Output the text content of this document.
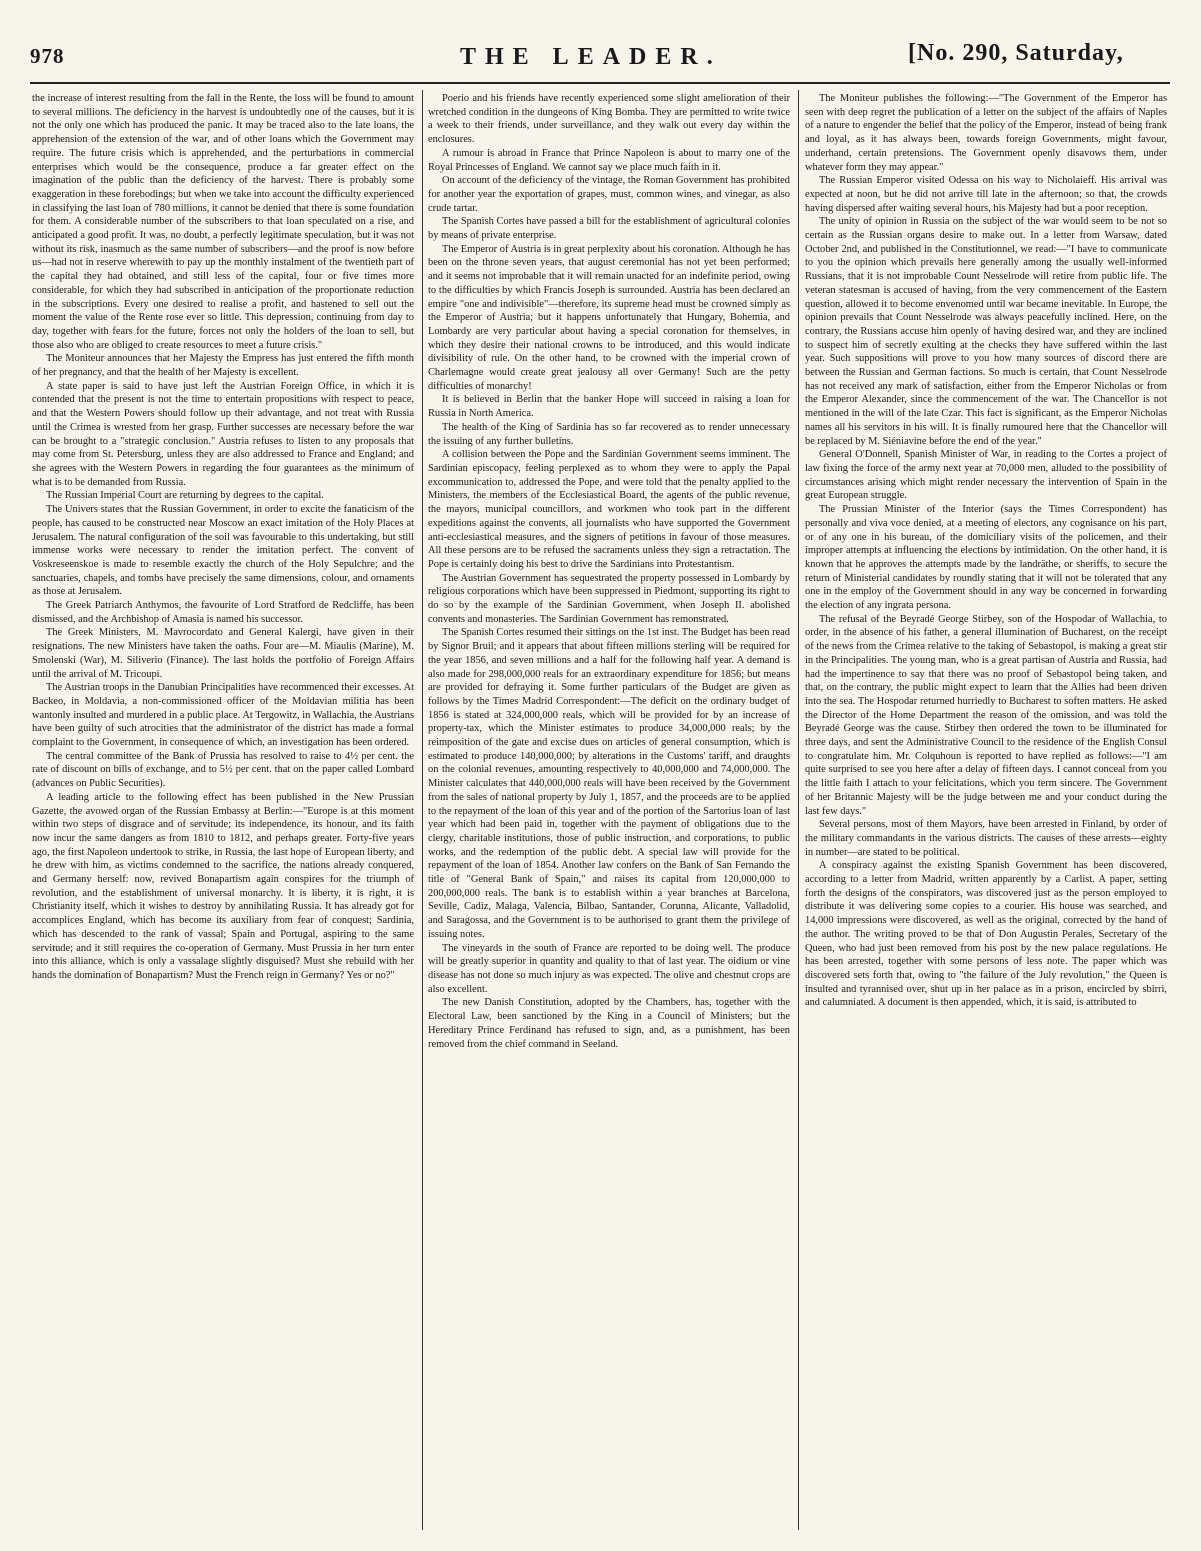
978	THE LEADER.	[No. 290, Saturday,

the increase of interest resulting from the fall in the Rente, the loss will be found to amount to several millions. The deficiency in the harvest is undoubtedly one of the causes, but it is not the only one which has produced the panic. It may be traced also to the late loans, the apprehension of the extension of the war, and of other loans which the Government may require. The future crisis which is apprehended, and the perturbations in commercial enterprises which would be the consequence, produce a far greater effect on the imagination of the public than the deficiency of the harvest. There is probably some exaggeration in these forebodings; but when we take into account the difficulty experienced in classifying the last loan of 780 millions, it cannot be denied that there is some foundation for them. A considerable number of the subscribers to that loan speculated on a rise, and anticipated a good profit. It was, no doubt, a perfectly legitimate speculation, but it was not without its risk, inasmuch as the same number of subscribers—and the proof is now before us—had not in reserve wherewith to pay up the monthly instalment of the twentieth part of the capital they had obtained, and still less of the capital, four or five times more considerable, for which they had subscribed in anticipation of the proportionate reduction in the subscriptions. Every one desired to realise a profit, and hastened to sell out the moment the value of the Rente rose ever so little. This depression, continuing from day to day, together with fears for the future, forces not only the holders of the loan to sell, but those also who are obliged to create resources to meet a future crisis."

The Moniteur announces that her Majesty the Empress has just entered the fifth month of her pregnancy, and that the health of her Majesty is excellent.

A state paper is said to have just left the Austrian Foreign Office, in which it is contended that the present is not the time to entertain propositions with respect to peace, and that the Western Powers should follow up their advantage, and not treat with Russia until the Crimea is wrested from her grasp. Further successes are necessary before the war can be brought to a "strategic conclusion." Austria refuses to listen to any proposals that may come from St. Petersburg, unless they are also addressed to France and England; and she agrees with the Western Powers in regarding the four guarantees as the minimum of what is to be demanded from Russia.

The Russian Imperial Court are returning by degrees to the capital.

The Univers states that the Russian Government, in order to excite the fanaticism of the people, has caused to be constructed near Moscow an exact imitation of the Holy Places at Jerusalem. The natural configuration of the soil was favourable to this undertaking, but still immense works were necessary to render the imitation perfect. The convent of Voskreseenskoe is made to resemble exactly the church of the Holy Sepulchre; and the sanctuaries, chapels, and tombs have precisely the same dimensions, colour, and ornaments as those at Jerusalem.

The Greek Patriarch Anthymos, the favourite of Lord Stratford de Redcliffe, has been dismissed, and the Archbishop of Amasia is named his successor.

The Greek Ministers, M. Mavrocordato and General Kalergi, have given in their resignations. The new Ministers have taken the oaths. Four are—M. Miaulis (Marine), M. Smolenski (War), M. Siliverio (Finance). The last holds the portfolio of Foreign Affairs until the arrival of M. Tricoupi.

The Austrian troops in the Danubian Principalities have recommenced their excesses. At Backeo, in Moldavia, a non-commissioned officer of the Moldavian militia has been wantonly insulted and murdered in a public place. At Tergowitz, in Wallachia, the Austrians have been guilty of such atrocities that the administrator of the district has made a formal complaint to the Government, in consequence of which, an investigation has been ordered.

The central committee of the Bank of Prussia has resolved to raise to 4½ per cent. the rate of discount on bills of exchange, and to 5½ per cent. that on the paper called Lombard (advances on Public Securities).

A leading article to the following effect has been published in the New Prussian Gazette, the avowed organ of the Russian Embassy at Berlin:—"Europe is at this moment within two steps of disgrace and of servitude; its independence, its honour, and its faith now incur the same dangers as from 1810 to 1812, and perhaps greater. Forty-five years ago, the first Napoleon undertook to strike, in Russia, the last hope of European liberty, and he drew with him, as victims condemned to the sacrifice, the nations already conquered, and Germany herself: now, revived Bonapartism again conspires for the triumph of revolution, and the establishment of universal monarchy. It is liberty, it is right, it is Christianity itself, which it wishes to destroy by annihilating Russia. It has already got for accomplices England, which has become its auxiliary from fear of conquest; Sardinia, which has descended to the rank of vassal; Spain and Portugal, aspiring to the same servitude; and it still requires the co-operation of Germany. Must Prussia in her turn enter into this alliance, which is only a vassalage slightly disguised? Must she rebuild with her hands the domination of Bonapartism? Must the French reign in Germany? Yes or no?"

Poerio and his friends have recently experienced some slight amelioration of their wretched condition in the dungeons of King Bomba. They are permitted to write twice a week to their friends, under surveillance, and they walk out every day within the enclosures.

A rumour is abroad in France that Prince Napoleon is about to marry one of the Royal Princesses of England. We cannot say we place much faith in it.

On account of the deficiency of the vintage, the Roman Government has prohibited for another year the exportation of grapes, must, common wines, and vinegar, as also crude tartar.

The Spanish Cortes have passed a bill for the establishment of agricultural colonies by means of private enterprise.

The Emperor of Austria is in great perplexity about his coronation. Although he has been on the throne seven years, that august ceremonial has not yet been performed; and it seems not improbable that it will remain unacted for an indefinite period, owing to the difficulties by which Francis Joseph is surrounded. Austria has been declared an empire "one and indivisible"—therefore, its supreme head must be crowned simply as the Emperor of Austria; but it happens unfortunately that Hungary, Bohemia, and Lombardy are very particular about having a special coronation for themselves, in which they desire their national crowns to be introduced, and this would indicate divisibility of rule. On the other hand, to be crowned with the imperial crown of Charlemagne would create great jealousy all over Germany! Such are the petty difficulties of monarchy!

It is believed in Berlin that the banker Hope will succeed in raising a loan for Russia in North America.

The health of the King of Sardinia has so far recovered as to render unnecessary the issuing of any further bulletins.

A collision between the Pope and the Sardinian Government seems imminent. The Sardinian episcopacy, feeling perplexed as to whom they were to apply the Papal excommunication to, addressed the Pope, and were told that the penalty applied to the Ministers, the members of the Ecclesiastical Board, the agents of the public revenue, the mayors, municipal councillors, and workmen who took part in the different expeditions against the convents, all journalists who have supported the Government anti-ecclesiastical measures, and the signers of petitions in favour of those measures. All these persons are to be refused the sacraments unless they sign a retractation. The Pope is certainly doing his best to drive the Sardinians into Protestantism.

The Austrian Government has sequestrated the property possessed in Lombardy by religious corporations which have been suppressed in Piedmont, supporting its right to do so by the example of the Sardinian Government, when Joseph II. abolished convents and monasteries. The Sardinian Government has remonstrated.

The Spanish Cortes resumed their sittings on the 1st inst. The Budget has been read by Signor Bruil; and it appears that about fifteen millions sterling will be required for the year 1856, and seven millions and a half for the following half year. A demand is also made for 298,000,000 reals for an extraordinary expenditure for 1856; but means are provided for defraying it. Some further particulars of the Budget are given as follows by the Times Madrid Correspondent:—The deficit on the ordinary budget of 1856 is stated at 324,000,000 reals, which will be provided for by an increase of property-tax, which the Minister estimates to produce 34,000,000 reals; by the reimposition of the gate and excise dues on articles of general consumption, which is estimated to produce 140,000,000; by alterations in the Customs' tariff, and draughts on the colonial revenues, amounting respectively to 40,000,000 and 74,000,000. The Minister calculates that 440,000,000 reals will have been received by the Government from the sales of national property by July 1, 1857, and the proceeds are to be applied to the repayment of the loan of this year and of the portion of the Sartorius loan of last year which had been paid in, together with the payment of obligations due to the clergy, charitable institutions, those of public instruction, and corporations, to public works, and the redemption of the public debt. A special law will provide for the repayment of the loan of 1854. Another law confers on the Bank of San Fernando the title of "General Bank of Spain," and raises its capital from 120,000,000 to 200,000,000 reals. The bank is to establish within a year branches at Barcelona, Seville, Cadiz, Malaga, Valencia, Bilbao, Santander, Corunna, Alicante, Valladolid, and Saragossa, and the Government is to be authorised to grant them the privilege of issuing notes.

The vineyards in the south of France are reported to be doing well. The produce will be greatly superior in quantity and quality to that of last year. The oidium or vine disease has not done so much injury as was expected. The olive and chestnut crops are also excellent.

The new Danish Constitution, adopted by the Chambers, has, together with the Electoral Law, been sanctioned by the King in a Council of Ministers; but the Hereditary Prince Ferdinand has refused to sign, and, as a punishment, has been removed from the chief command in Seeland.

The Moniteur publishes the following:—"The Government of the Emperor has seen with deep regret the publication of a letter on the subject of the affairs of Naples of a nature to engender the belief that the policy of the Emperor, instead of being frank and loyal, as it has always been, towards foreign Governments, might favour, underhand, certain pretensions. The Government openly disavows them, under whatever form they may appear."

The Russian Emperor visited Odessa on his way to Nicholaieff. His arrival was expected at noon, but he did not arrive till late in the afternoon; so that, the crowds having dispersed after waiting several hours, his Majesty had but a poor reception.

The unity of opinion in Russia on the subject of the war would seem to be not so certain as the Russian organs desire to make out. In a letter from Warsaw, dated October 2nd, and published in the Constitutionnel, we read:—"I have to communicate to you the opinion which prevails here generally among the usually well-informed Russians, that it is not improbable Count Nesselrode will retire from public life. The veteran statesman is accused of having, from the very commencement of the Eastern question, allowed it to become envenomed until war became inevitable. In Europe, the opinion prevails that Count Nesselrode was always peacefully inclined. Here, on the contrary, the Russians accuse him openly of having desired war, and they are inclined to suspect him of secretly exulting at the checks they have suffered within the last year. Such suppositions will prove to you how many sources of discord there are between the Russian and German factions. So much is certain, that Count Nesselrode has not received any mark of satisfaction, either from the Emperor Nicholas or from the Emperor Alexander, since the commencement of the war. The Chancellor is not mentioned in the will of the late Czar. This fact is significant, as the Emperor Nicholas names all his servitors in his will. It is finally rumoured here that the Chancellor will be replaced by M. Siéniavine before the end of the year."

General O'Donnell, Spanish Minister of War, in reading to the Cortes a project of law fixing the force of the army next year at 70,000 men, alluded to the possibility of circumstances arising which might render necessary the intervention of Spain in the great European struggle.

The Prussian Minister of the Interior (says the Times Correspondent) has personally and viva voce denied, at a meeting of electors, any cognisance on his part, or of any one in his bureau, of the domiciliary visits of the policemen, and their improper attempts at influencing the elections by intimidation. On the other hand, it is known that he approves the attempts made by the landräthe, or sheriffs, to secure the return of Ministerial candidates by roundly stating that it will not be tolerated that any one in the employ of the Government should in any way be concerned in forwarding the election of any ingrata persona.

The refusal of the Beyradé George Stirbey, son of the Hospodar of Wallachia, to order, in the absence of his father, a general illumination of Bucharest, on the receipt of the news from the Crimea relative to the taking of Sebastopol, is making a great stir in the Principalities. The young man, who is a great partisan of Austria and Russia, had had the impertinence to say that there was no proof of Sebastopol being taken, and that, on the contrary, the public might expect to learn that the Allies had been driven into the sea. The Hospodar returned hurriedly to Bucharest to soften matters. He asked the Director of the Home Department the reason of the omission, and was told the Beyradé George was the cause. Stirbey then ordered the town to be illuminated for three days, and sent the Administrative Council to the residence of the English Consul to congratulate him. Mr. Colquhoun is reported to have replied as follows:—"I am quite surprised to see you here after a delay of fifteen days. I cannot conceal from you the little faith I attach to your felicitations, which you term sincere. The Government of her Britannic Majesty will be the judge between me and your conduct during the last few days."

Several persons, most of them Mayors, have been arrested in Finland, by order of the military commandants in the various districts. The causes of these arrests—eighty in number—are stated to be political.

A conspiracy against the existing Spanish Government has been discovered, according to a letter from Madrid, written apparently by a Carlist. A paper, setting forth the designs of the conspirators, was discovered just as the person employed to distribute it was delivering some copies to a courier. His house was searched, and 14,000 impressions were discovered, as well as the original, corrected by the hand of the author. The writing proved to be that of Don Augustin Perales, Secretary of the Queen, who had just been removed from his post by the new palace regulations. He has been arrested, together with some persons of less note. The paper which was discovered sets forth that, owing to "the failure of the July revolution," the Queen is insulted and tyrannised over, shut up in her palace as in a prison, encircled by sbirri, and calumniated. A document is then appended, which, it is said, is attributed to
